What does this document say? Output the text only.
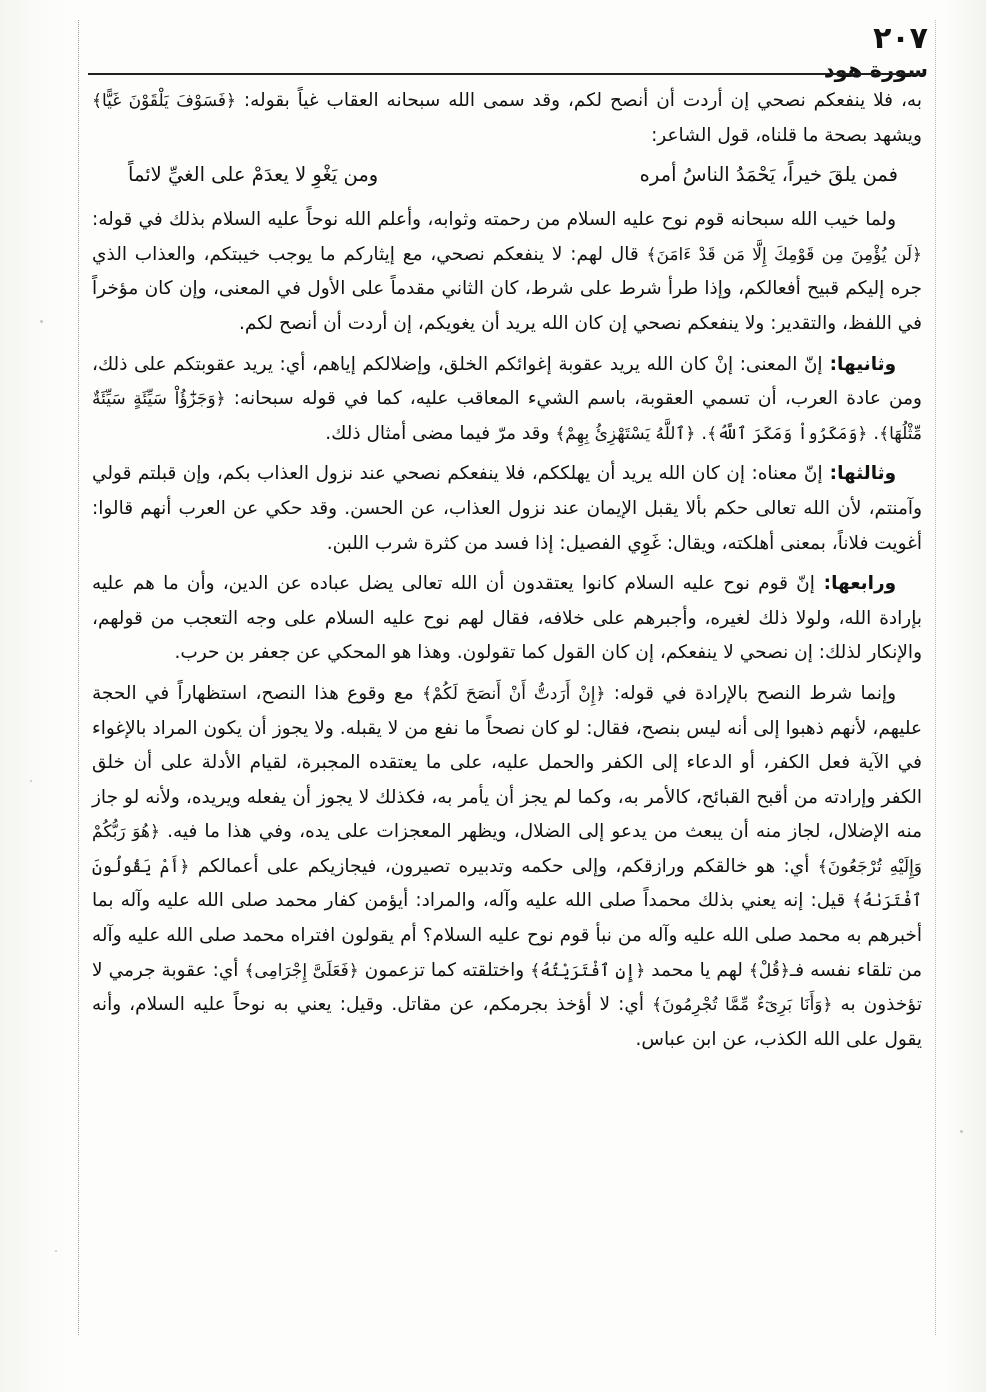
٢٠٧
سورة هود

به، فلا ينفعكم نصحي إن أردت أن أنصح لكم، وقد سمى الله سبحانه العقاب غياً بقوله: ﴿فَسَوْفَ يَلْقَوْنَ غَيًّا﴾ ويشهد بصحة ما قلناه، قول الشاعر:

فمن يلقَ خيراً، يَحْمَدُ الناسُ أمره
ومن يَغْوِ لا يعدَمْ على الغيِّ لائماً

ولما خيب الله سبحانه قوم نوح عليه السلام من رحمته وثوابه، وأعلم الله نوحاً عليه السلام بذلك في قوله: ﴿لَن يُؤْمِنَ مِن قَوْمِكَ إِلَّا مَن قَدْ ءَامَنَ﴾ قال لهم: لا ينفعكم نصحي، مع إيثاركم ما يوجب خيبتكم، والعذاب الذي جره إليكم قبيح أفعالكم، وإذا طرأ شرط على شرط، كان الثاني مقدماً على الأول في المعنى، وإن كان مؤخراً في اللفظ، والتقدير: ولا ينفعكم نصحي إن كان الله يريد أن يغويكم، إن أردت أن أنصح لكم.

وثانيها: إنّ المعنى: إنْ كان الله يريد عقوبة إغوائكم الخلق، وإضلالكم إياهم، أي: يريد عقوبتكم على ذلك، ومن عادة العرب، أن تسمي العقوبة، باسم الشيء المعاقب عليه، كما في قوله سبحانه: ﴿وَجَزَٰٓؤُاْ سَيِّئَةٍ سَيِّئَةٌ مِّثْلُهَا﴾. ﴿وَمَكَرُواْ وَمَكَرَ ٱللَّهُ﴾. ﴿ٱللَّهُ يَسْتَهْزِئُ بِهِمْ﴾ وقد مرّ فيما مضى أمثال ذلك.

وثالثها: إنّ معناه: إن كان الله يريد أن يهلككم، فلا ينفعكم نصحي عند نزول العذاب بكم، وإن قبلتم قولي وآمنتم، لأن الله تعالى حكم بألا يقبل الإيمان عند نزول العذاب، عن الحسن. وقد حكي عن العرب أنهم قالوا: أغويت فلاناً، بمعنى أهلكته، ويقال: غَوِي الفصيل: إذا فسد من كثرة شرب اللبن.

ورابعها: إنّ قوم نوح عليه السلام كانوا يعتقدون أن الله تعالى يضل عباده عن الدين، وأن ما هم عليه بإرادة الله، ولولا ذلك لغيره، وأجبرهم على خلافه، فقال لهم نوح عليه السلام على وجه التعجب من قولهم، والإنكار لذلك: إن نصحي لا ينفعكم، إن كان القول كما تقولون. وهذا هو المحكي عن جعفر بن حرب.

وإنما شرط النصح بالإرادة في قوله: ﴿إِنْ أَرَدتُّ أَنْ أَنصَحَ لَكُمْ﴾ مع وقوع هذا النصح، استظهاراً في الحجة عليهم، لأنهم ذهبوا إلى أنه ليس بنصح، فقال: لو كان نصحاً ما نفع من لا يقبله. ولا يجوز أن يكون المراد بالإغواء في الآية فعل الكفر، أو الدعاء إلى الكفر والحمل عليه، على ما يعتقده المجبرة، لقيام الأدلة على أن خلق الكفر وإرادته من أقبح القبائح، كالأمر به، وكما لم يجز أن يأمر به، فكذلك لا يجوز أن يفعله ويريده، ولأنه لو جاز منه الإضلال، لجاز منه أن يبعث من يدعو إلى الضلال، ويظهر المعجزات على يده، وفي هذا ما فيه. ﴿هُوَ رَبُّكُمْ وَإِلَيْهِ تُرْجَعُونَ﴾ أي: هو خالقكم ورازقكم، وإلى حكمه وتدبيره تصيرون، فيجازيكم على أعمالكم ﴿أَمْ يَقُولُونَ ٱفْتَرَىٰهُ﴾ قيل: إنه يعني بذلك محمداً صلى الله عليه وآله، والمراد: أيؤمن كفار محمد صلى الله عليه وآله بما أخبرهم به محمد صلى الله عليه وآله من نبأ قوم نوح عليه السلام؟ أم يقولون افتراه محمد صلى الله عليه وآله من تلقاء نفسه فـ﴿قُلْ﴾ لهم يا محمد ﴿إِنِ ٱفْتَرَيْتُهُ﴾ واختلقته كما تزعمون ﴿فَعَلَىَّ إِجْرَامِى﴾ أي: عقوبة جرمي لا تؤخذون به ﴿وَأَنَا بَرِىٓءٌ مِّمَّا تُجْرِمُونَ﴾ أي: لا أؤخذ بجرمكم، عن مقاتل. وقيل: يعني به نوحاً عليه السلام، وأنه يقول على الله الكذب، عن ابن عباس.
